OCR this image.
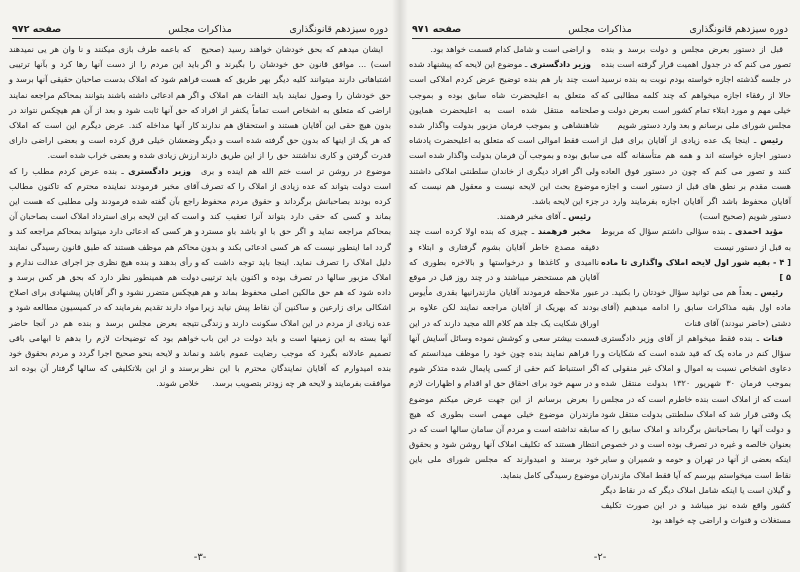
دوره سیزدهم قانونگذاری
مذاکرات مجلس
صفحه ۹۷۲

ایشان میدهم که بحق خودشان خواهند رسید (صحیح است) ... موافق قانون حق خودشان را بگیرند و اگر اشتباهاتی دارند میتوانند کلیه دیگر بهر طریق که هست حق خودشان را وصول نمایند باید التفات هم املاک و اراضی که متعلق به اشخاص است تماماً یکنفر از افراد بدون هیچ حقی این آقایان هستند و استحقاق هم ندارند که هر یک از اینها که بدون حق گرفته شده است و دیگر قدرت گرفتن و کاری نداشتند حق را از این طریق دارند موضوع در روشن تر است ختم الله هم اینده و بری است دولت بتواند که عده زیادی از املاک را که تصرف کرده بودند بصاحبانش برگرداند و حقوق مردم محفوظ بماند و کسی که حقی دارد بتواند آنرا تعقیب کند و بمحاکم مراجعه نماید و اگر حق با او باشد باو مسترد گردد اما اینطور نیست که هر کسی ادعائی بکند و بدون دلیل املاک را تصرف نماید. اینجا باید توجه داشت که املاک مزبور سالها در تصرف بوده و اکنون باید ترتیبی داده شود که هم حق مالکین اصلی محفوظ بماند و هم اشکالی برای زارعین و ساکنین آن نقاط پیش نیاید زیرا عده زیادی از مردم در این املاک سکونت دارند و زندگی آنها بسته به این زمینها است و باید دولت در این باب تصمیم عادلانه بگیرد که موجب رضایت عموم باشد و بنده امیدوارم که آقایان نمایندگان محترم با این نظر موافقت بفرمایند و لایحه هر چه زودتر بتصویب برسد.

که باعمه طرف بازی میکنند و نا وان هر یی نمیدهند باید این مردم را از دست آنها رها کرد و بآنها ترتیبی فراهم شود که املاک بدست صاحبان حقیقی آنها برسد و اگر هم ادعائی داشته باشند بتوانند بمحاکم مراجعه نمایند که حق آنها ثابت شود و بعد از آن هم هیچکس نتواند در کار آنها مداخله کند. عرض دیگرم این است که املاک وضعشان خیلی فرق کرده است و بعضی اراضی دارای ارزش زیادی شده و بعضی خراب شده است.

وزیر دادگستری ـ بنده عرض کردم مطلب را که آقای مخبر فرمودند نماینده محترم که تاکنون مطالب راجع بآن گفته شده فرمودند ولی مطلبی که هست این است که این لایحه برای استرداد املاک است بصاحبان آن و هر کسی که ادعائی دارد میتواند بمحاکم مراجعه کند و محاکم هم موظف هستند که طبق قانون رسیدگی نمایند و رأی بدهند و بنده هیچ نظری جز اجرای عدالت ندارم و دولت هم همینطور نظر دارد که بحق هر کس برسد و هیچکس متضرر نشود و اگر آقایان پیشنهادی برای اصلاح مواد دارند تقدیم بفرمایند که در کمیسیون مطالعه شود و نتیجه بعرض مجلس برسد و بنده هم در آنجا حاضر خواهم بود که توضیحات لازم را بدهم تا ابهامی باقی نماند و لایحه بنحو صحیح اجرا گردد و مردم بحقوق خود برسند و از این بلاتکلیفی که سالها گرفتار آن بوده اند خلاص شوند.

-۳-
دوره سیزدهم قانونگذاری
مذاکرات مجلس
صفحه ۹۷۱

قبل از دستور بعرض مجلس و دولت برسد و بنده تصور می کنم که در جدول اهمیت قرار گرفته است بنده در جلسه گذشته اجازه خواسته بودم نوبت به بنده نرسید حالا از رفقاء اجازه میخواهم که چند کلمه مطالبی که خیلی مهم و مورد ابتلاء تمام کشور است بعرض دولت و مجلس شورای ملی برسانم و بعد وارد دستور شویم

رئیس ـ اینجا یک عده زیادی از آقایان برای قبل از دستور اجازه خواسته اند و همه هم متأسفانه گله می کنند و تصور می کنم که چون در دستور فوق العاده هست مقدم بر نطق های قبل از دستور است و اجازه آقایان محفوظ باشد اگر آقایان اجازه بفرمایند وارد در دستور شویم (صحیح است)

مؤید احمدی ـ بنده سؤالی داشتم سؤال که مربوط به قبل از دستور نیست

[ ۴ - بقیه شور اول لایحه املاک واگذاری تا ماده ۵ ]

رئیس ـ بعداً هم می توانید سؤال خودتان را بکنید. در ماده اول بقیه مذاکرات سابق را ادامه میدهیم (آقای دشتی (حاضر نبودند) آقای قنات

قنات ـ بنده فقط میخواهم از آقای وزیر دادگستری سؤال کنم در ماده یک که قید شده است که شکایات و دعاوی اشخاص نسبت به اموال و املاک غیر منقولی که بموجب فرمان ۳۰ شهریور ۱۳۲۰ بدولت منتقل شده است که از املاک است بنده خاطرم است که در مجلس یک وقتی قرار شد که املاک سلطنتی بدولت منتقل شود و دولت آنها را بصاحبانش برگرداند و املاک سابق را که بعنوان خالصه و غیره در تصرف بوده است و در خصوص اینکه بعضی از آنها در تهران و حومه و شمیران و سایر نقاط است میخواستم بپرسم که آیا فقط املاک مازندران و گیلان است یا اینکه شامل املاک دیگر که در نقاط دیگر کشور واقع شده نیز میباشد و در این صورت تکلیف مستغلات و قنوات و اراضی چه خواهد بود

و اراضی است و شامل کدام قسمت خواهد بود.

وزیر دادگستری ـ موضوع این لایحه که پیشنهاد شده است چند بار هم بنده توضیح عرض کردم املاکی است که متعلق به اعلیحضرت شاه سابق بوده و بموجب صلحنامه منتقل شده است به اعلیحضرت همایون شاهنشاهی و بموجب فرمان مزبور بدولت واگذار شده است فقط اموالی است که متعلق به اعلیحضرت پادشاه سابق بوده و بموجب آن فرمان بدولت واگذار شده است ولی اگر افراد دیگری از خاندان سلطنتی املاکی داشتند موضوع بحث این لایحه نیست و معقول هم نیست که جزء این لایحه باشد.

رئیس ـ آقای مخبر فرهمند.

مخبر فرهمند ـ چیزی که بنده اولا کرده است چند دقیقه مصدع خاطر آقایان بشوم گرفتاری و ابتلاء و ناامیدی و کاغذها و درخواستها و بالاخره بطوری که آقایان هم مستحضر میباشند و در چند روز قبل در موقع عبور ملاحظه فرمودند آقایان مازندرانیها بقدری مأیوس بودند که بهریک از آقایان مراجعه نمایند لکن علاوه بر اوراق شکایت یک جلد هم کلام الله مجید دارند که در این قسمت بیشتر سعی و کوشش نموده وسائل آسایش آنها را فراهم نمایند بنده چون خود را موظف میدانستم که اگر استنباط کنم حقی از کسی پایمال شده متذکر شوم و در سهم خود برای احقاق حق او اقدام و اظهارات لازم را بعرض برسانم از این جهت عرض میکنم موضوع مازندران موضوع خیلی مهمی است بطوری که هیچ سابقه نداشته است و مردم آن سامان سالها است که در انتظار هستند که تکلیف املاک آنها روشن شود و بحقوق خود برسند و امیدوارند که مجلس شورای ملی باین موضوع رسیدگی کامل بنماید.

-۲-
